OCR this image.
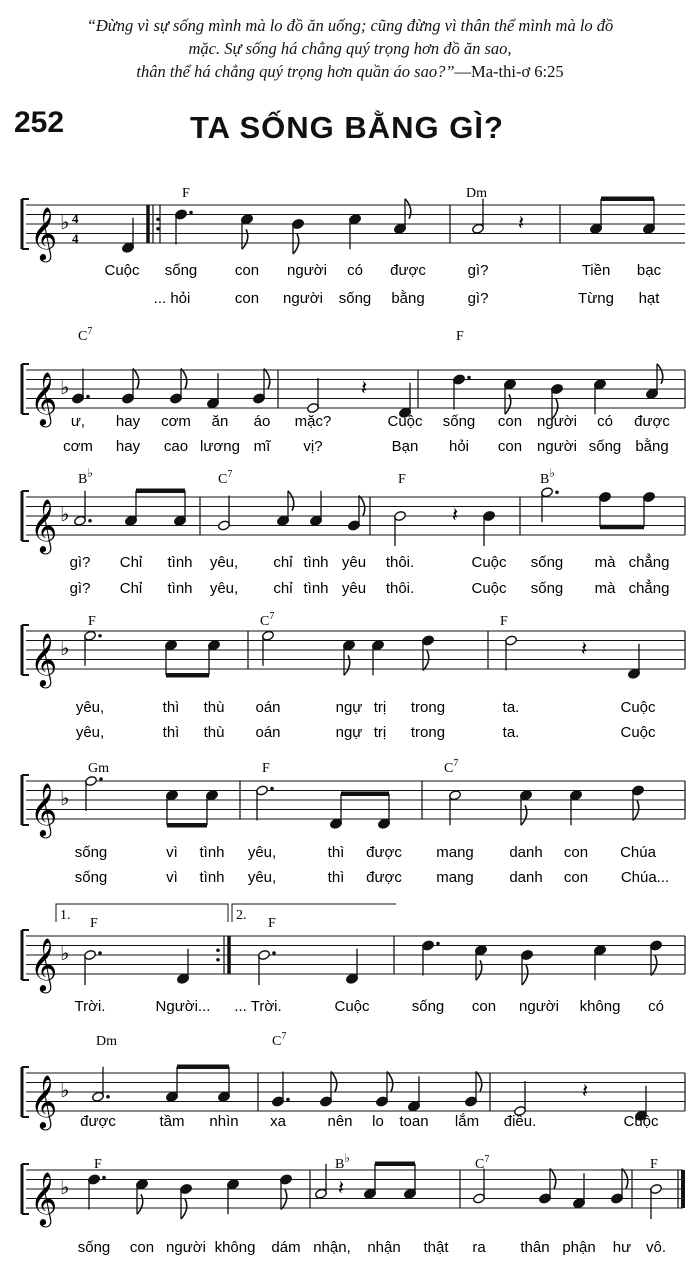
“Đừng vì sự sống mình mà lo đồ ăn uống; cũng đừng vì thân thể mình mà lo đồ
mặc. Sự sống há chẳng quý trọng hơn đồ ăn sao,
thân thể há chẳng quý trọng hơn quần áo sao?”—Ma-thi-ơ 6:25
252	TA SỐNG BẰNG GÌ?
𝄞 ♭ 4
4
F	Dm
𝄽
Cuộc sống	con người có được	gì?	Tiền bạc
... hỏi	con người sống bằng	gì?	Từng hạt
𝄞 ♭
$C^7$	F
𝄽
ư, hay cơm ăn áo mặc?	Cuộc sống con người có được
cơm hay cao lương mĩ vị?	Bạn hỏi con người sống bằng
𝄞 ♭
B♭	$C^7$	F	B♭
𝄽
gì? Chỉ tình yêu, chỉ tình yêu thôi.	Cuộc sống mà chẳng
gì? Chỉ tình yêu, chỉ tình yêu thôi.	Cuộc sống mà chẳng
𝄞 ♭
F	$C^7$	F
𝄽
yêu,	thì thù oán	ngự trị trong	ta.	Cuộc
yêu,	thì thù oán	ngự trị trong	ta.	Cuộc
𝄞 ♭
Gm	F	$C^7$
sống	vì tình yêu,	thì được mang danh con Chúa
sống	vì tình yêu,	thì được mang danh con Chúa...
𝄞 ♭
1.	2.
F	F
Trời.	Người... ... Trời.	Cuộc	sống con người không có
𝄞 ♭
Dm	$C^7$
𝄽
được	tầm nhìn xa	nên lo toan lắm điều.	Cuộc
𝄞 ♭
F	B♭	$C^7$	F
𝄽
sống con người không dám nhận, nhận thật ra thân phận hư vô.
